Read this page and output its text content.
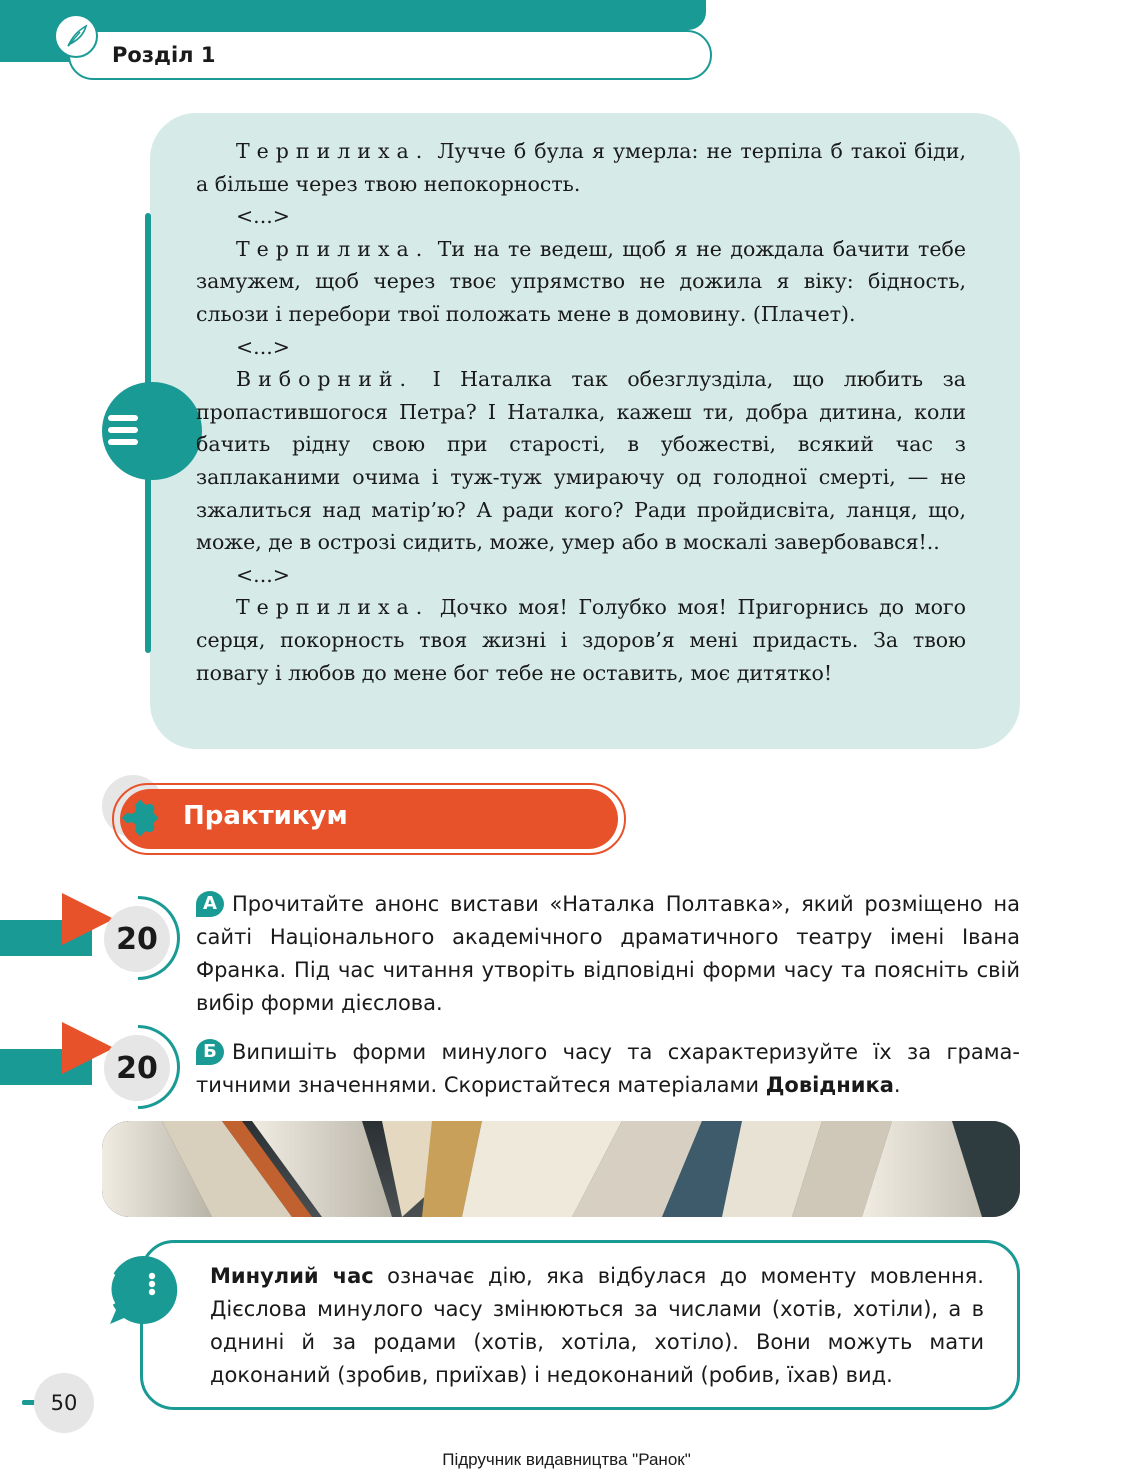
Розділ 1

Терпилиха. Лучче б була я умерла: не терпіла б такої біди, а більше через твою непокорность.

<...>

Терпилиха. Ти на те ведеш, щоб я не дождала бачити тебе замужем, щоб через твоє упрямство не дожила я віку: бідность, сльози і перебори твої положать мене в домовину. (Плачет).

<...>

Виборний. І Наталка так обезглузділа, що любить за пропастившогося Петра? І Наталка, кажеш ти, добра дитина, коли бачить рідну свою при старості, в убожестві, всякий час з заплаканими очима і туж-туж умираючу од голодної смерті, — не зжалиться над матір’ю? А ради кого? Ради пройдисвіта, ланця, що, може, де в острозі сидить, може, умер або в москалі завербовався!..

<...>

Терпилиха. Дочко моя! Голубко моя! Пригорнись до мого серця, покорность твоя жизні і здоров’я мені придасть. За твою повагу і любов до мене бог тебе не оставить, моє дитятко!

Практикум
20

А Прочитайте анонс вистави «Наталка Полтавка», який розміщено на сайті Національного академічного драматичного театру імені Івана Франка. Під час читання утворіть відповідні форми часу та поясніть свій вибір форми дієслова.

20	Б Випишіть форми минулого часу та схарактеризуйте їх за граматичними значеннями. Скористайтеся матеріалами Довідника.

Минулий час означає дію, яка відбулася до моменту мовлення. Дієслова минулого часу змінюються за числами (хотів, хотіли), а в однині й за родами (хотів, хотіла, хотіло). Вони можуть мати доконаний (зробив, приїхав) і недоконаний (робив, їхав) вид.

50
Підручник видавництва "Ранок"
